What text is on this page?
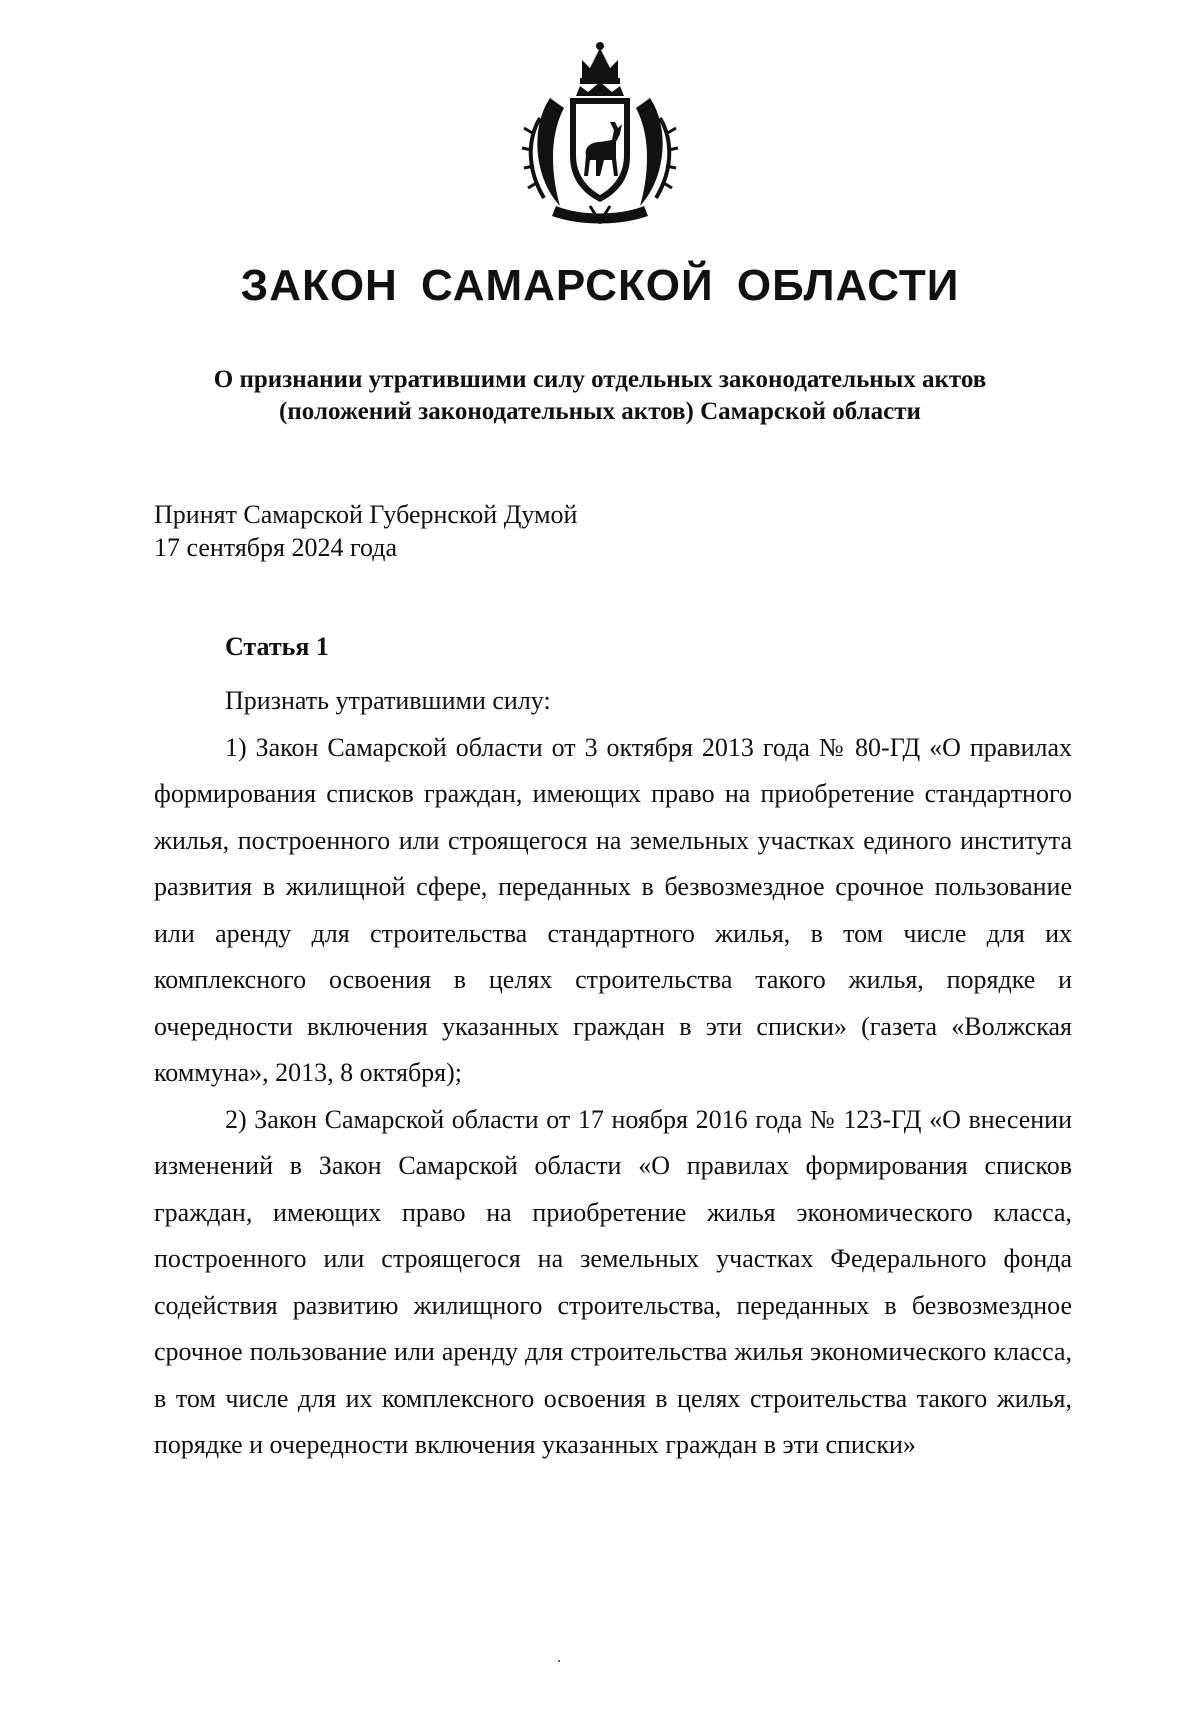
ЗАКОН САМАРСКОЙ ОБЛАСТИ
О признании утратившими силу отдельных законодательных актов
(положений законодательных актов) Самарской области
Принят Самарской Губернской Думой
17 сентября 2024 года
Статья 1

Признать утратившими силу:

1) Закон Самарской области от 3 октября 2013 года № 80-ГД «О правилах формирования списков граждан, имеющих право на приобретение стандартного жилья, построенного или строящегося на земельных участках единого института развития в жилищной сфере, переданных в безвозмездное срочное пользование или аренду для строительства стандартного жилья, в том числе для их комплексного освоения в целях строительства такого жилья, порядке и очередности включения указанных граждан в эти списки» (газета «Волжская коммуна», 2013, 8 октября);

2) Закон Самарской области от 17 ноября 2016 года № 123-ГД «О внесении изменений в Закон Самарской области «О правилах формирования списков граждан, имеющих право на приобретение жилья экономического класса, построенного или строящегося на земельных участках Федерального фонда содействия развитию жилищного строительства, переданных в безвозмездное срочное пользование или аренду для строительства жилья экономического класса, в том числе для их комплексного освоения в целях строительства такого жилья, порядке и очередности включения указанных граждан в эти списки»
